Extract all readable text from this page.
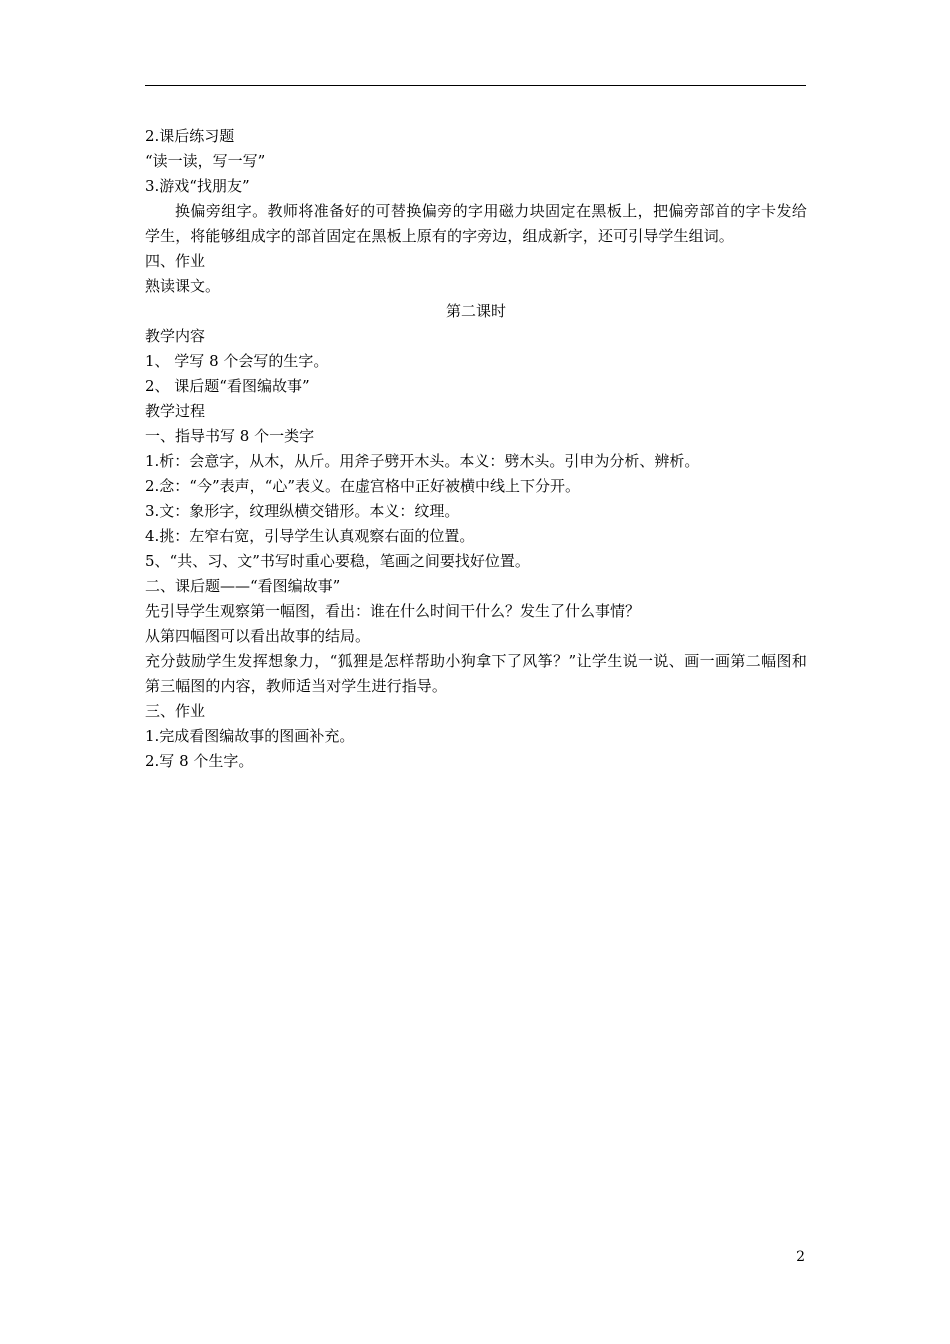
2.课后练习题
“读一读，写一写”
3.游戏“找朋友”
换偏旁组字。教师将准备好的可替换偏旁的字用磁力块固定在黑板上，把偏旁部首的字卡发给学生，将能够组成字的部首固定在黑板上原有的字旁边，组成新字，还可引导学生组词。
四、作业
熟读课文。
第二课时
教学内容
1、 学写 8 个会写的生字。
2、 课后题“看图编故事”
教学过程
一、指导书写 8 个一类字
1.析：会意字，从木，从斤。用斧子劈开木头。本义：劈木头。引申为分析、辨析。
2.念：“今”表声，“心”表义。在虚宫格中正好被横中线上下分开。
3.文：象形字，纹理纵横交错形。本义：纹理。
4.挑：左窄右宽，引导学生认真观察右面的位置。
5、“共、习、文”书写时重心要稳，笔画之间要找好位置。
二、课后题——“看图编故事”
先引导学生观察第一幅图，看出：谁在什么时间干什么？发生了什么事情？
从第四幅图可以看出故事的结局。
充分鼓励学生发挥想象力，“狐狸是怎样帮助小狗拿下了风筝？”让学生说一说、画一画第二幅图和第三幅图的内容，教师适当对学生进行指导。
三、作业
1.完成看图编故事的图画补充。
2.写 8 个生字。
2
